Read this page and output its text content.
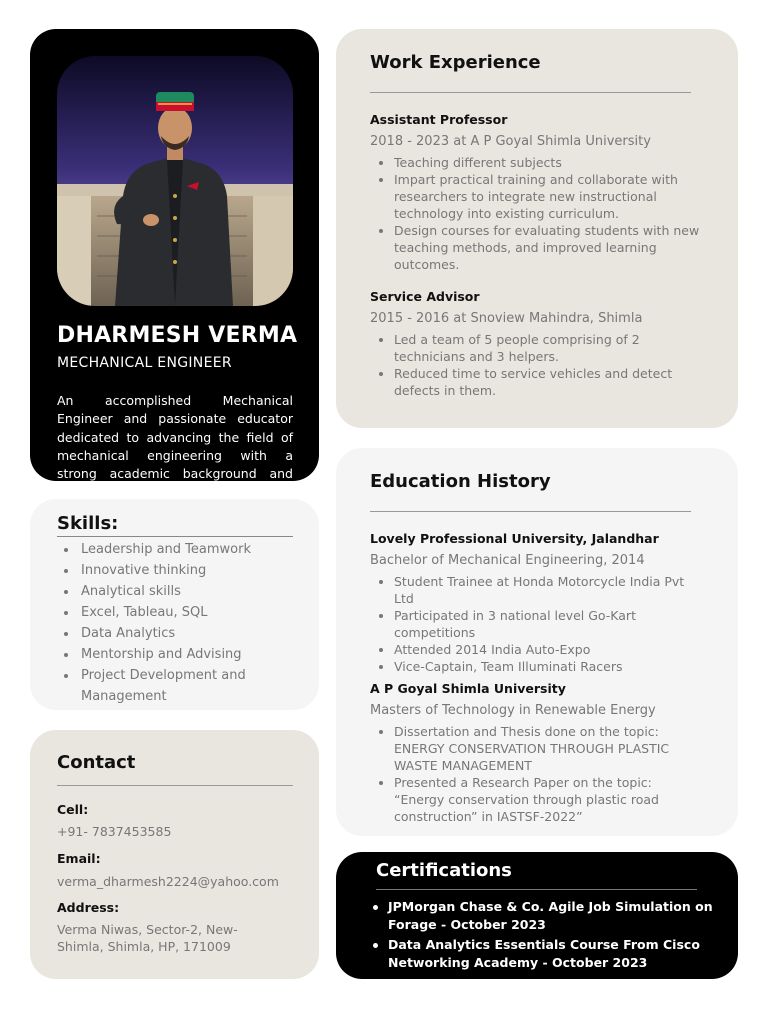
DHARMESH VERMA
MECHANICAL ENGINEER
An accomplished Mechanical Engineer and passionate educator dedicated to advancing the field of mechanical engineering with a strong academic background and industry experience
Skills:
Leadership and Teamwork
Innovative thinking
Analytical skills
Excel, Tableau, SQL
Data Analytics
Mentorship and Advising
Project Development and Management
Contact
Cell:
+91- 7837453585
Email:
verma_dharmesh2224@yahoo.com
Address:
Verma Niwas, Sector-2, New-Shimla, Shimla, HP, 171009
Work Experience
Assistant Professor
2018 - 2023 at A P Goyal Shimla University
Teaching different subjects
Impart practical training and collaborate with researchers to integrate new instructional technology into existing curriculum.
Design courses for evaluating students with new teaching methods, and improved learning outcomes.
Service Advisor
2015 - 2016 at Snoview Mahindra, Shimla
Led a team of 5 people comprising of 2 technicians and 3 helpers.
Reduced time to service vehicles and detect defects in them.
Education History
Lovely Professional University, Jalandhar
Bachelor of Mechanical Engineering, 2014
Student Trainee at Honda Motorcycle India Pvt Ltd
Participated in 3 national level Go-Kart competitions
Attended 2014 India Auto-Expo
Vice-Captain, Team Illuminati Racers
A P Goyal Shimla University
Masters of Technology in Renewable Energy
Dissertation and Thesis done on the topic: ENERGY CONSERVATION THROUGH PLASTIC WASTE MANAGEMENT
Presented a Research Paper on the topic: “Energy conservation through plastic road construction” in IASTSF-2022”
Certifications
JPMorgan Chase & Co. Agile Job Simulation on Forage - October 2023
Data Analytics Essentials Course From Cisco Networking Academy - October 2023
